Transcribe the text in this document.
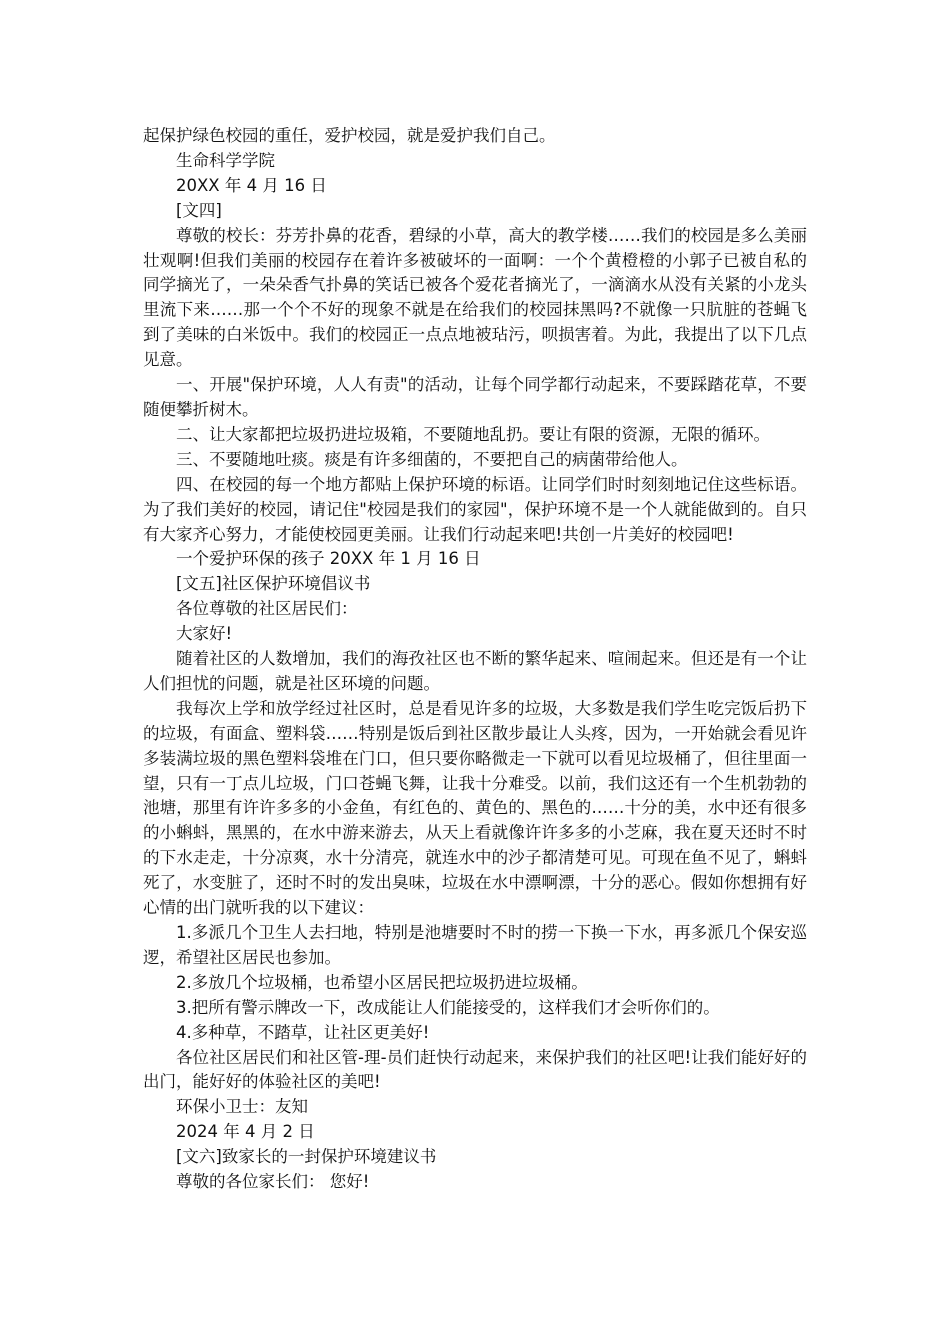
起保护绿色校园的重任，爱护校园，就是爱护我们自己。

生命科学学院

20XX 年 4 月 16 日

[文四]

尊敬的校长：芬芳扑鼻的花香，碧绿的小草，高大的教学楼……我们的校园是多么美丽壮观啊!但我们美丽的校园存在着许多被破坏的一面啊：一个个黄橙橙的小郭子已被自私的同学摘光了，一朵朵香气扑鼻的笑话已被各个爱花者摘光了，一滴滴水从没有关紧的小龙头里流下来……那一个个不好的现象不就是在给我们的校园抹黑吗?不就像一只肮脏的苍蝇飞到了美味的白米饭中。我们的校园正一点点地被玷污，呗损害着。为此，我提出了以下几点见意。

一、开展"保护环境，人人有责"的活动，让每个同学都行动起来，不要踩踏花草，不要随便攀折树木。

二、让大家都把垃圾扔进垃圾箱，不要随地乱扔。要让有限的资源，无限的循环。

三、不要随地吐痰。痰是有许多细菌的，不要把自己的病菌带给他人。

四、在校园的每一个地方都贴上保护环境的标语。让同学们时时刻刻地记住这些标语。为了我们美好的校园，请记住"校园是我们的家园"，保护环境不是一个人就能做到的。自只有大家齐心努力，才能使校园更美丽。让我们行动起来吧!共创一片美好的校园吧!

一个爱护环保的孩子 20XX 年 1 月 16 日

[文五]社区保护环境倡议书

各位尊敬的社区居民们：

大家好!

随着社区的人数增加，我们的海孜社区也不断的繁华起来、喧闹起来。但还是有一个让人们担忧的问题，就是社区环境的问题。

我每次上学和放学经过社区时，总是看见许多的垃圾，大多数是我们学生吃完饭后扔下的垃圾，有面盒、塑料袋……特别是饭后到社区散步最让人头疼，因为，一开始就会看见许多装满垃圾的黑色塑料袋堆在门口，但只要你略微走一下就可以看见垃圾桶了，但往里面一望，只有一丁点儿垃圾，门口苍蝇飞舞，让我十分难受。以前，我们这还有一个生机勃勃的池塘，那里有许许多多的小金鱼，有红色的、黄色的、黑色的……十分的美，水中还有很多的小蝌蚪，黑黑的，在水中游来游去，从天上看就像许许多多的小芝麻，我在夏天还时不时的下水走走，十分凉爽，水十分清亮，就连水中的沙子都清楚可见。可现在鱼不见了，蝌蚪死了，水变脏了，还时不时的发出臭味，垃圾在水中漂啊漂，十分的恶心。假如你想拥有好心情的出门就听我的以下建议：

1.多派几个卫生人去扫地，特别是池塘要时不时的捞一下换一下水，再多派几个保安巡逻，希望社区居民也参加。

2.多放几个垃圾桶，也希望小区居民把垃圾扔进垃圾桶。

3.把所有警示牌改一下，改成能让人们能接受的，这样我们才会听你们的。

4.多种草，不踏草，让社区更美好!

各位社区居民们和社区管-理-员们赶快行动起来，来保护我们的社区吧!让我们能好好的出门，能好好的体验社区的美吧!

环保小卫士：友知

2024 年 4 月 2 日

[文六]致家长的一封保护环境建议书

尊敬的各位家长们： 您好!
